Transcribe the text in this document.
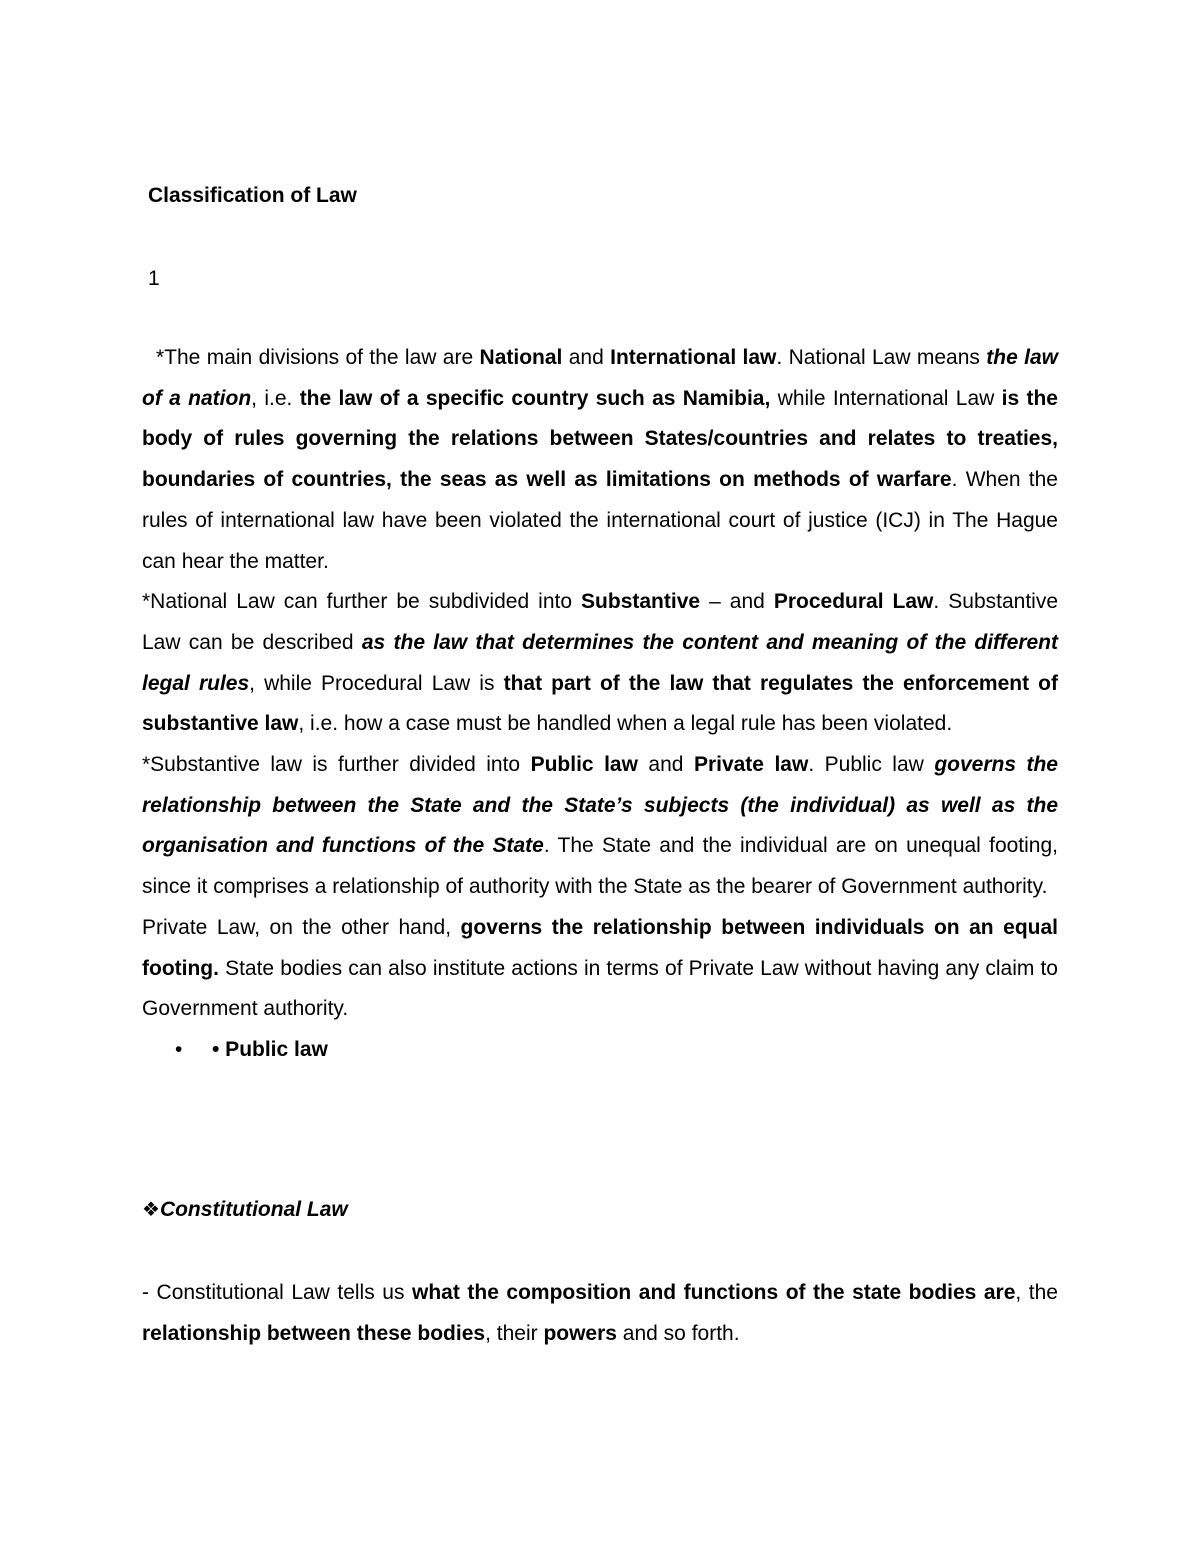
Classification of Law
1

*The main divisions of the law are National and International law. National Law means the law of a nation, i.e. the law of a specific country such as Namibia, while International Law is the body of rules governing the relations between States/countries and relates to treaties, boundaries of countries, the seas as well as limitations on methods of warfare. When the rules of international law have been violated the international court of justice (ICJ) in The Hague can hear the matter.

*National Law can further be subdivided into Substantive – and Procedural Law. Substantive Law can be described as the law that determines the content and meaning of the different legal rules, while Procedural Law is that part of the law that regulates the enforcement of substantive law, i.e. how a case must be handled when a legal rule has been violated.

*Substantive law is further divided into Public law and Private law. Public law governs the relationship between the State and the State’s subjects (the individual) as well as the organisation and functions of the State. The State and the individual are on unequal footing, since it comprises a relationship of authority with the State as the bearer of Government authority.

Private Law, on the other hand, governs the relationship between individuals on an equal footing. State bodies can also institute actions in terms of Private Law without having any claim to Government authority.

• • Public law

❖Constitutional Law

- Constitutional Law tells us what the composition and functions of the state bodies are, the relationship between these bodies, their powers and so forth.
